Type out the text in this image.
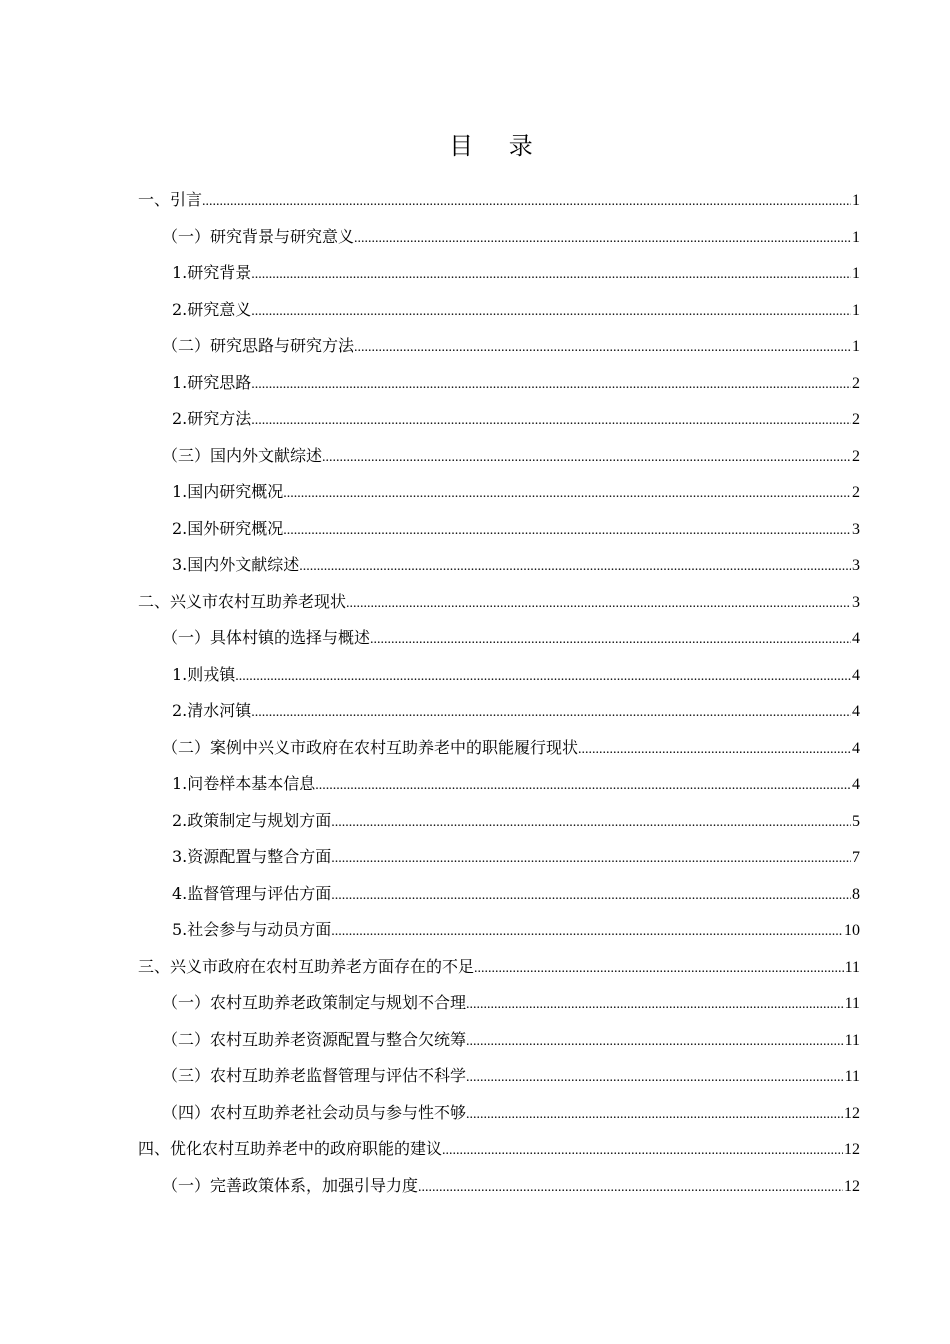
目 录
一、引言 .....	1
（一）研究背景与研究意义 .....	1
1.研究背景 .....	1
2.研究意义 .....	1
（二）研究思路与研究方法 .....	1
1.研究思路 .....	2
2.研究方法 .....	2
（三）国内外文献综述 .....	2
1.国内研究概况 .....	2
2.国外研究概况 .....	3
3.国内外文献综述 .....	3
二、兴义市农村互助养老现状 .....	3
（一）具体村镇的选择与概述 .....	4
1.则戎镇 .....	4
2.清水河镇 .....	4
（二）案例中兴义市政府在农村互助养老中的职能履行现状 .....	4
1.问卷样本基本信息 .....	4
2.政策制定与规划方面 .....	5
3.资源配置与整合方面 .....	7
4.监督管理与评估方面 .....	8
5.社会参与与动员方面 .....	10
三、兴义市政府在农村互助养老方面存在的不足 .....	11
（一）农村互助养老政策制定与规划不合理 .....	11
（二）农村互助养老资源配置与整合欠统筹 .....	11
（三）农村互助养老监督管理与评估不科学 .....	11
（四）农村互助养老社会动员与参与性不够 .....	12
四、优化农村互助养老中的政府职能的建议 .....	12
（一）完善政策体系，加强引导力度 .....	12
